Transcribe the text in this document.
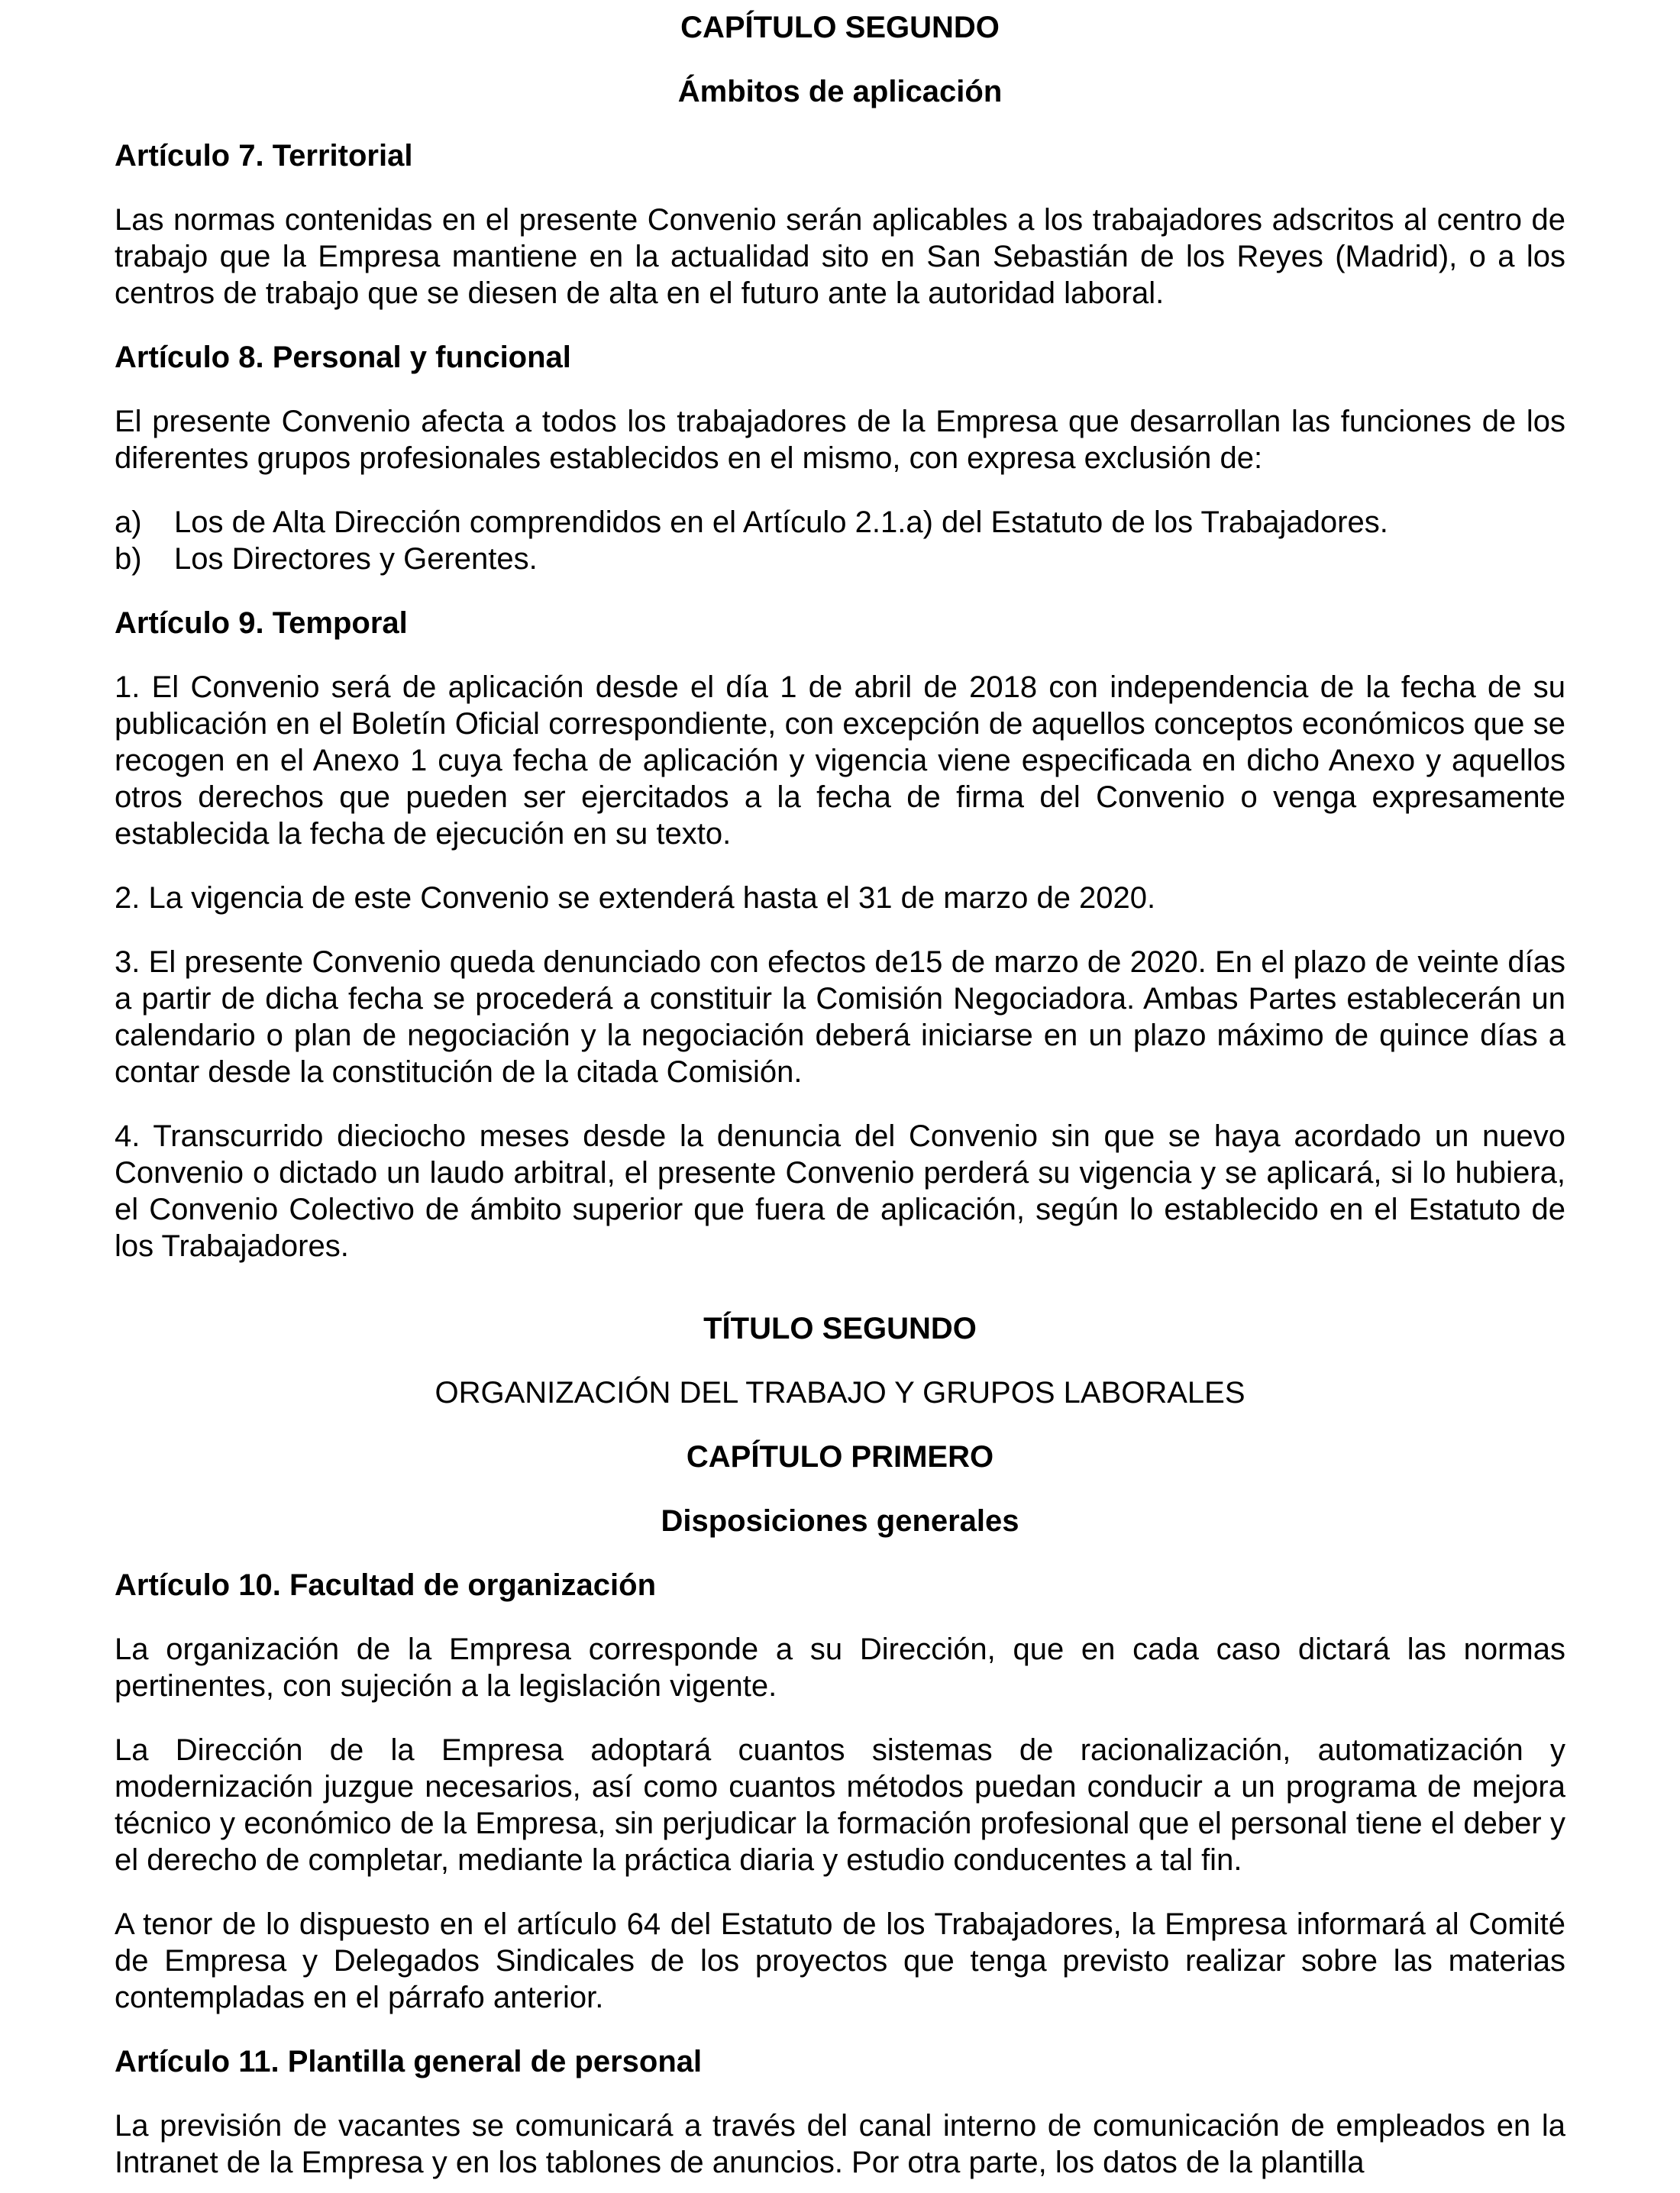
CAPÍTULO SEGUNDO
Ámbitos de aplicación
Artículo 7. Territorial

Las normas contenidas en el presente Convenio serán aplicables a los trabajadores adscritos al centro de trabajo que la Empresa mantiene en la actualidad sito en San Sebastián de los Reyes (Madrid), o a los centros de trabajo que se diesen de alta en el futuro ante la autoridad laboral.

Artículo 8. Personal y funcional

El presente Convenio afecta a todos los trabajadores de la Empresa que desarrollan las funciones de los diferentes grupos profesionales establecidos en el mismo, con expresa exclusión de:

a)	Los de Alta Dirección comprendidos en el Artículo 2.1.a) del Estatuto de los Trabajadores.
b)	Los Directores y Gerentes.
Artículo 9. Temporal

1. El Convenio será de aplicación desde el día 1 de abril de 2018 con independencia de la fecha de su publicación en el Boletín Oficial correspondiente, con excepción de aquellos conceptos económicos que se recogen en el Anexo 1 cuya fecha de aplicación y vigencia viene especificada en dicho Anexo y aquellos otros derechos que pueden ser ejercitados a la fecha de firma del Convenio o venga expresamente establecida la fecha de ejecución en su texto.

2. La vigencia de este Convenio se extenderá hasta el 31 de marzo de 2020.

3. El presente Convenio queda denunciado con efectos de15 de marzo de 2020. En el plazo de veinte días a partir de dicha fecha se procederá a constituir la Comisión Negociadora. Ambas Partes establecerán un calendario o plan de negociación y la negociación deberá iniciarse en un plazo máximo de quince días a contar desde la constitución de la citada Comisión.

4. Transcurrido dieciocho meses desde la denuncia del Convenio sin que se haya acordado un nuevo Convenio o dictado un laudo arbitral, el presente Convenio perderá su vigencia y se aplicará, si lo hubiera, el Convenio Colectivo de ámbito superior que fuera de aplicación, según lo establecido en el Estatuto de los Trabajadores.

TÍTULO SEGUNDO
ORGANIZACIÓN DEL TRABAJO Y GRUPOS LABORALES
CAPÍTULO PRIMERO
Disposiciones generales
Artículo 10. Facultad de organización

La organización de la Empresa corresponde a su Dirección, que en cada caso dictará las normas pertinentes, con sujeción a la legislación vigente.

La Dirección de la Empresa adoptará cuantos sistemas de racionalización, automatización y modernización juzgue necesarios, así como cuantos métodos puedan conducir a un programa de mejora técnico y económico de la Empresa, sin perjudicar la formación profesional que el personal tiene el deber y el derecho de completar, mediante la práctica diaria y estudio conducentes a tal fin.

A tenor de lo dispuesto en el artículo 64 del Estatuto de los Trabajadores, la Empresa informará al Comité de Empresa y Delegados Sindicales de los proyectos que tenga previsto realizar sobre las materias contempladas en el párrafo anterior.

Artículo 11. Plantilla general de personal

La previsión de vacantes se comunicará a través del canal interno de comunicación de empleados en la Intranet de la Empresa y en los tablones de anuncios. Por otra parte, los datos de la plantilla
